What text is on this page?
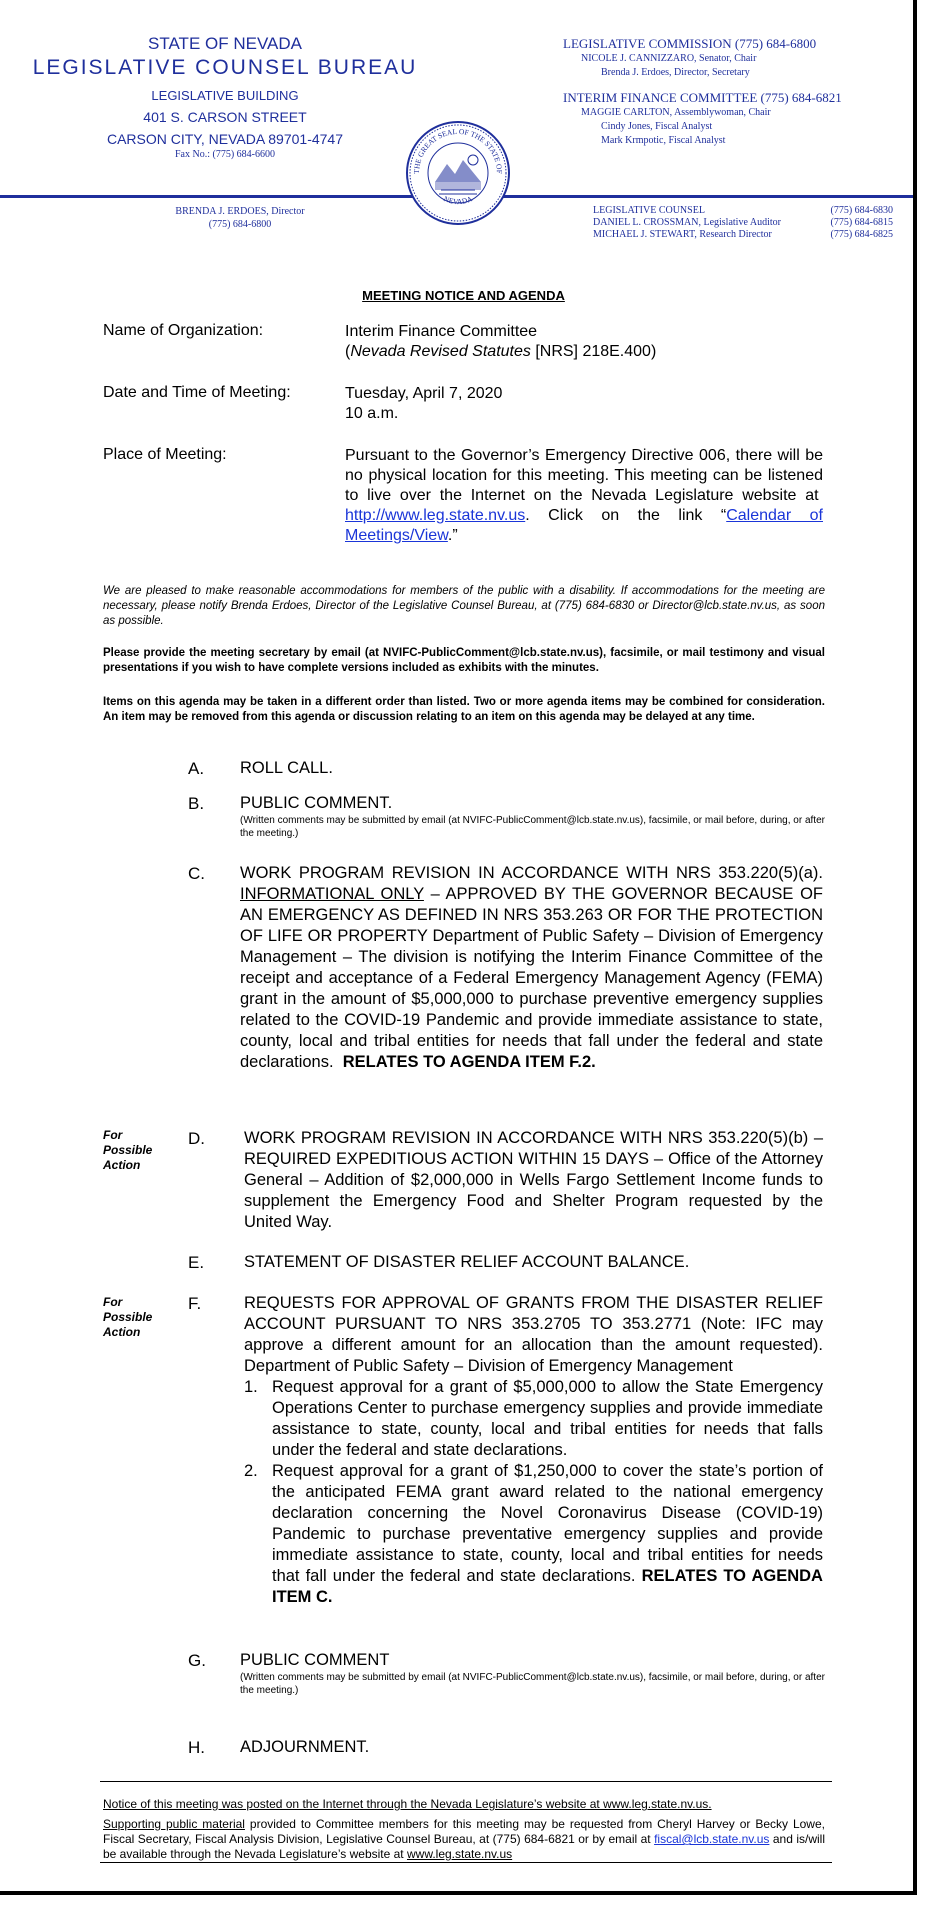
STATE OF NEVADA
LEGISLATIVE COUNSEL BUREAU
LEGISLATIVE BUILDING
401 S. CARSON STREET
CARSON CITY, NEVADA 89701-4747
Fax No.: (775) 684-6600
LEGISLATIVE COMMISSION (775) 684-6800
NICOLE J. CANNIZZARO, Senator, Chair
Brenda J. Erdoes, Director, Secretary
INTERIM FINANCE COMMITTEE (775) 684-6821
MAGGIE CARLTON, Assemblywoman, Chair
Cindy Jones, Fiscal Analyst
Mark Krmpotic, Fiscal Analyst
THE GREAT SEAL OF THE STATE OF
NEVADA
BRENDA J. ERDOES, Director
(775) 684-6800
LEGISLATIVE COUNSEL	(775) 684-6830
DANIEL L. CROSSMAN, Legislative Auditor	(775) 684-6815
MICHAEL J. STEWART, Research Director	(775) 684-6825
MEETING NOTICE AND AGENDA
Name of Organization:	Interim Finance Committee
(Nevada Revised Statutes [NRS] 218E.400)
Date and Time of Meeting:	Tuesday, April 7, 2020
10 a.m.
Place of Meeting:	Pursuant to the Governor’s Emergency Directive 006, there will be no physical location for this meeting. This meeting can be listened to live over the Internet on the Nevada Legislature website at  http://www.leg.state.nv.us. Click on the link “Calendar of Meetings/View.”
We are pleased to make reasonable accommodations for members of the public with a disability. If accommodations for the meeting are necessary, please notify Brenda Erdoes, Director of the Legislative Counsel Bureau, at (775) 684-6830 or Director@lcb.state.nv.us, as soon as possible.
Please provide the meeting secretary by email (at NVIFC-PublicComment@lcb.state.nv.us), facsimile, or mail testimony and visual presentations if you wish to have complete versions included as exhibits with the minutes.
Items on this agenda may be taken in a different order than listed. Two or more agenda items may be combined for consideration. An item may be removed from this agenda or discussion relating to an item on this agenda may be delayed at any time.
A. ROLL CALL.
B. PUBLIC COMMENT.
(Written comments may be submitted by email (at NVIFC-PublicComment@lcb.state.nv.us), facsimile, or mail before, during, or after the meeting.)
C. WORK PROGRAM REVISION IN ACCORDANCE WITH NRS 353.220(5)(a). INFORMATIONAL ONLY – APPROVED BY THE GOVERNOR BECAUSE OF AN EMERGENCY AS DEFINED IN NRS 353.263 OR FOR THE PROTECTION OF LIFE OR PROPERTY Department of Public Safety – Division of Emergency Management – The division is notifying the Interim Finance Committee of the receipt and acceptance of a Federal Emergency Management Agency (FEMA) grant in the amount of $5,000,000 to purchase preventive emergency supplies related to the COVID-19 Pandemic and provide immediate assistance to state, county, local and tribal entities for needs that fall under the federal and state declarations. RELATES TO AGENDA ITEM F.2.
For
Possible
Action
D. WORK PROGRAM REVISION IN ACCORDANCE WITH NRS 353.220(5)(b) – REQUIRED EXPEDITIOUS ACTION WITHIN 15 DAYS – Office of the Attorney General – Addition of $2,000,000 in Wells Fargo Settlement Income funds to supplement the Emergency Food and Shelter Program requested by the United Way.
E. STATEMENT OF DISASTER RELIEF ACCOUNT BALANCE.
For
Possible
Action
F.	REQUESTS FOR APPROVAL OF GRANTS FROM THE DISASTER RELIEF ACCOUNT PURSUANT TO NRS 353.2705 TO 353.2771 (Note: IFC may approve a different amount for an allocation than the amount requested). Department of Public Safety – Division of Emergency Management
1. Request approval for a grant of $5,000,000 to allow the State Emergency Operations Center to purchase emergency supplies and provide immediate assistance to state, county, local and tribal entities for needs that falls under the federal and state declarations.
2. Request approval for a grant of $1,250,000 to cover the state’s portion of the anticipated FEMA grant award related to the national emergency declaration concerning the Novel Coronavirus Disease (COVID-19) Pandemic to purchase preventative emergency supplies and provide immediate assistance to state, county, local and tribal entities for needs that fall under the federal and state declarations. RELATES TO AGENDA ITEM C.
G. PUBLIC COMMENT
(Written comments may be submitted by email (at NVIFC-PublicComment@lcb.state.nv.us), facsimile, or mail before, during, or after the meeting.)
H. ADJOURNMENT.
Notice of this meeting was posted on the Internet through the Nevada Legislature’s website at www.leg.state.nv.us.
Supporting public material provided to Committee members for this meeting may be requested from Cheryl Harvey or Becky Lowe, Fiscal Secretary, Fiscal Analysis Division, Legislative Counsel Bureau, at (775) 684-6821 or by email at fiscal@lcb.state.nv.us and is/will be available through the Nevada Legislature’s website at www.leg.state.nv.us
